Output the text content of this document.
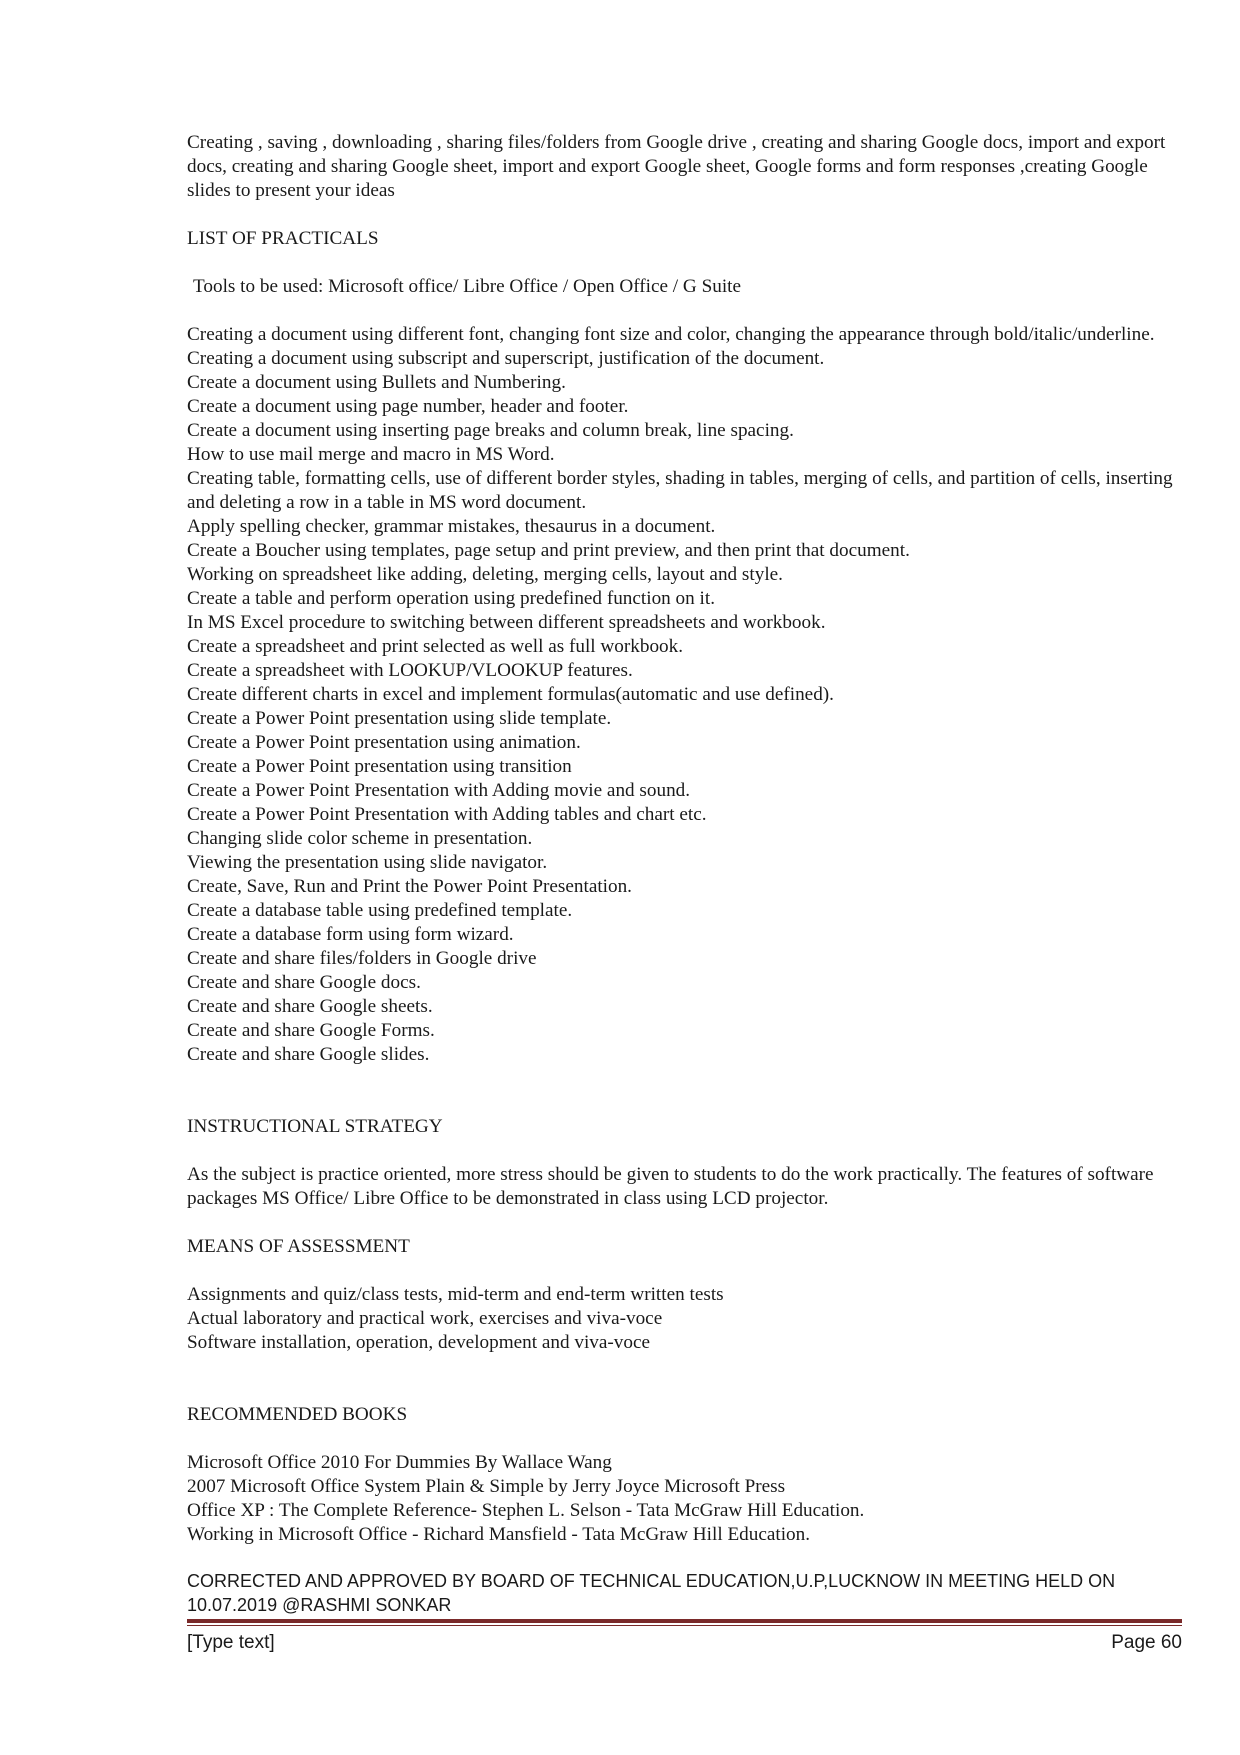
Creating , saving , downloading , sharing files/folders from Google drive , creating and sharing Google docs, import and export docs, creating and sharing Google sheet, import and export Google sheet, Google forms and form responses ,creating Google slides to present your ideas

LIST OF PRACTICALS

Tools to be used: Microsoft office/ Libre Office / Open Office / G Suite

Creating a document using different font, changing font size and color, changing the appearance through bold/italic/underline.
Creating a document using subscript and superscript, justification of the document.
Create a document using Bullets and Numbering.
Create a document using page number, header and footer.
Create a document using inserting page breaks and column break, line spacing.
How to use mail merge and macro in MS Word.
Creating table, formatting cells, use of different border styles, shading in tables, merging of cells, and partition of cells, inserting and deleting a row in a table in MS word document.
Apply spelling checker, grammar mistakes, thesaurus in a document.
Create a Boucher using templates, page setup and print preview, and then print that document.
Working on spreadsheet like adding, deleting, merging cells, layout and style.
Create a table and perform operation using predefined function on it.
In MS Excel procedure to switching between different spreadsheets and workbook.
Create a spreadsheet and print selected as well as full workbook.
Create a spreadsheet with LOOKUP/VLOOKUP features.
Create different charts in excel and implement formulas(automatic and use defined).
Create a Power Point presentation using slide template.
Create a Power Point presentation using animation.
Create a Power Point presentation using transition
Create a Power Point Presentation with Adding movie and sound.
Create a Power Point Presentation with Adding tables and chart etc.
Changing slide color scheme in presentation.
Viewing the presentation using slide navigator.
Create, Save, Run and Print the Power Point Presentation.
Create a database table using predefined template.
Create a database form using form wizard.
Create and share files/folders in Google drive
Create and share Google docs.
Create and share Google sheets.
Create and share Google Forms.
Create and share Google slides.

INSTRUCTIONAL STRATEGY

As the subject is practice oriented, more stress should be given to students to do the work practically. The features of software packages MS Office/ Libre Office to be demonstrated in class using LCD projector.

MEANS OF ASSESSMENT

Assignments and quiz/class tests, mid-term and end-term written tests
Actual laboratory and practical work, exercises and viva-voce
Software installation, operation, development and viva-voce

RECOMMENDED BOOKS

Microsoft Office 2010 For Dummies By Wallace Wang
2007 Microsoft Office System Plain & Simple by Jerry Joyce Microsoft Press
Office XP : The Complete Reference- Stephen L. Selson - Tata McGraw Hill Education.
Working in Microsoft Office - Richard Mansfield - Tata McGraw Hill Education.
CORRECTED AND APPROVED BY BOARD OF TECHNICAL EDUCATION,U.P,LUCKNOW IN MEETING HELD ON 10.07.2019 @RASHMI SONKAR
[Type text]	Page 60
